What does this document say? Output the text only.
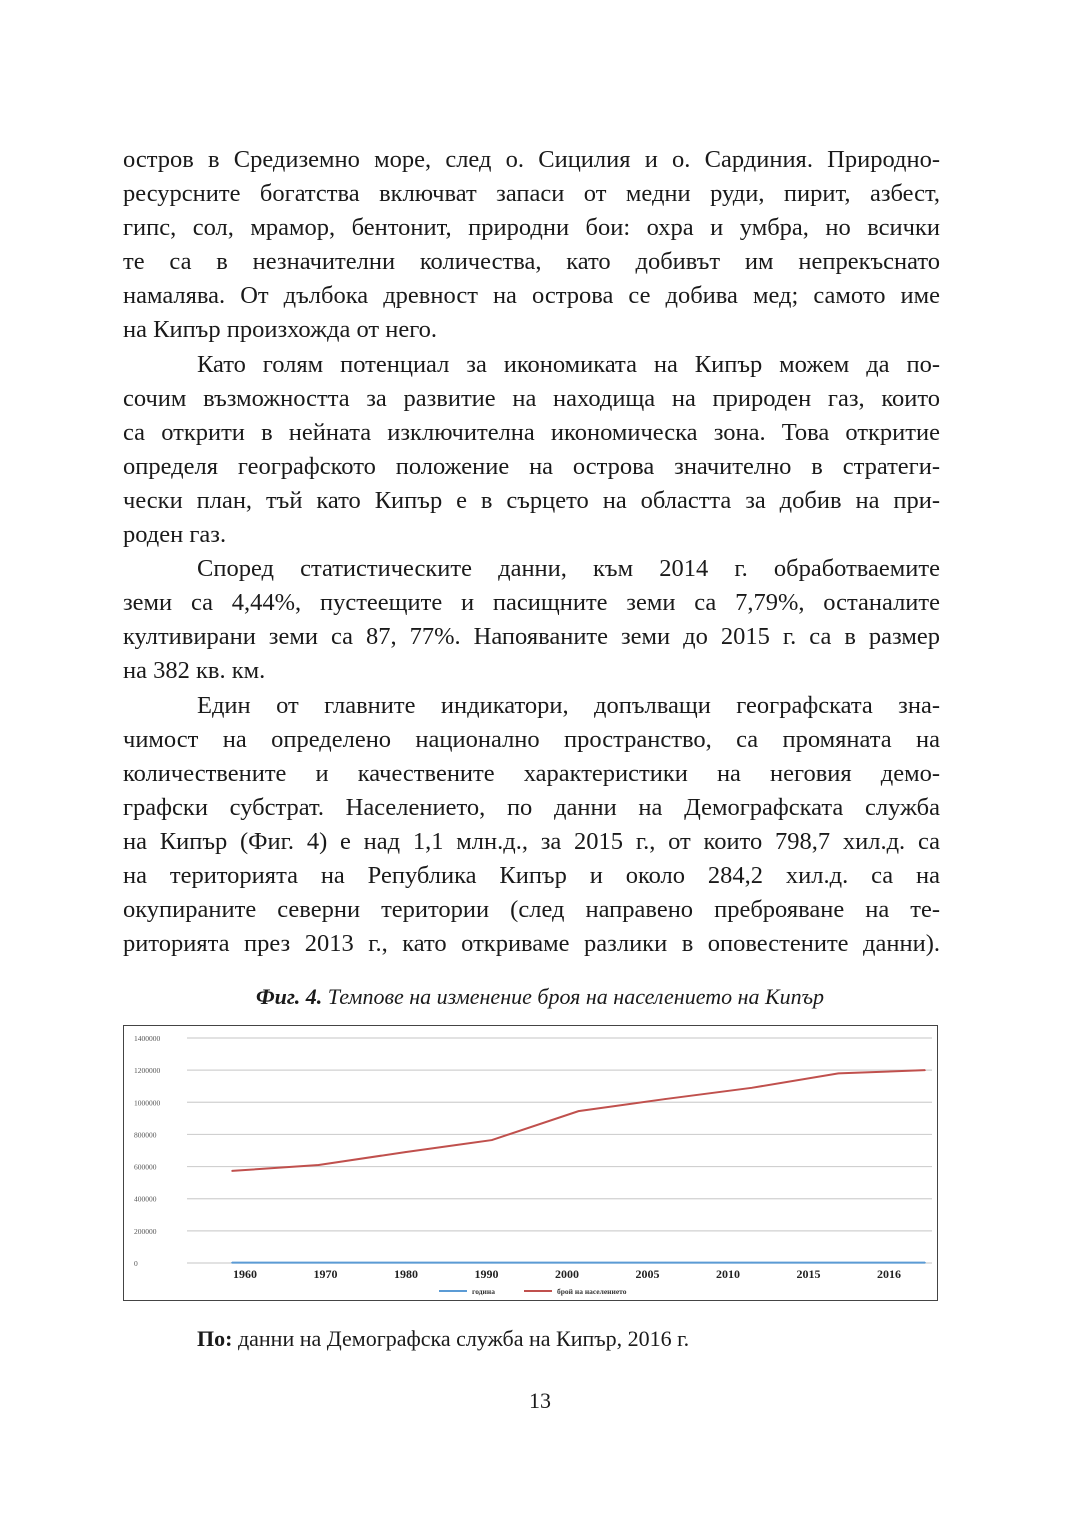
остров в Средиземно море, след о. Сицилия и о. Сардиния. Природно-
ресурсните богатства включват запаси от медни руди, пирит, азбест,
гипс, сол, мрамор, бентонит, природни бои: охра и умбра, но всички
те са в незначителни количества, като добивът им непрекъснато
намалява. От дълбока древност на острова се добива мед; самото име
на Кипър произхожда от него.
Като голям потенциал за икономиката на Кипър можем да по-
сочим възможността за развитие на находища на природен газ, които
са открити в нейната изключителна икономическа зона. Това откритие
определя географското положение на острова значително в стратеги-
чески план, тъй като Кипър е в сърцето на областта за добив на при-
роден газ.
Според статистическите данни, към 2014 г. обработваемите
земи са 4,44%, пустеещите и пасищните земи са 7,79%, останалите
култивирани земи са 87, 77%. Напояваните земи до 2015 г. са в размер
на 382 кв. км.
Един от главните индикатори, допълващи географската зна-
чимост на определено национално пространство, са промяната на
количествените и качествените характеристики на неговия демо-
графски субстрат. Населението, по данни на Демографската служба
на Кипър (Фиг. 4) е над 1,1 млн.д., за 2015 г., от които 798,7 хил.д. са
на територията на Република Кипър и около 284,2 хил.д. са на
окупираните северни територии (след направено преброяване на те-
риторията през 2013 г., като откриваме разлики в оповестените данни).
Фиг. 4. Темпове на изменение броя на населението на Кипър
0
200000
400000
600000
800000
1000000
1200000
1400000
1960	1970	1980	1990	2000	2005	2010	2015	2016
година	брой на населението
По: данни на Демографска служба на Кипър, 2016 г.
13
